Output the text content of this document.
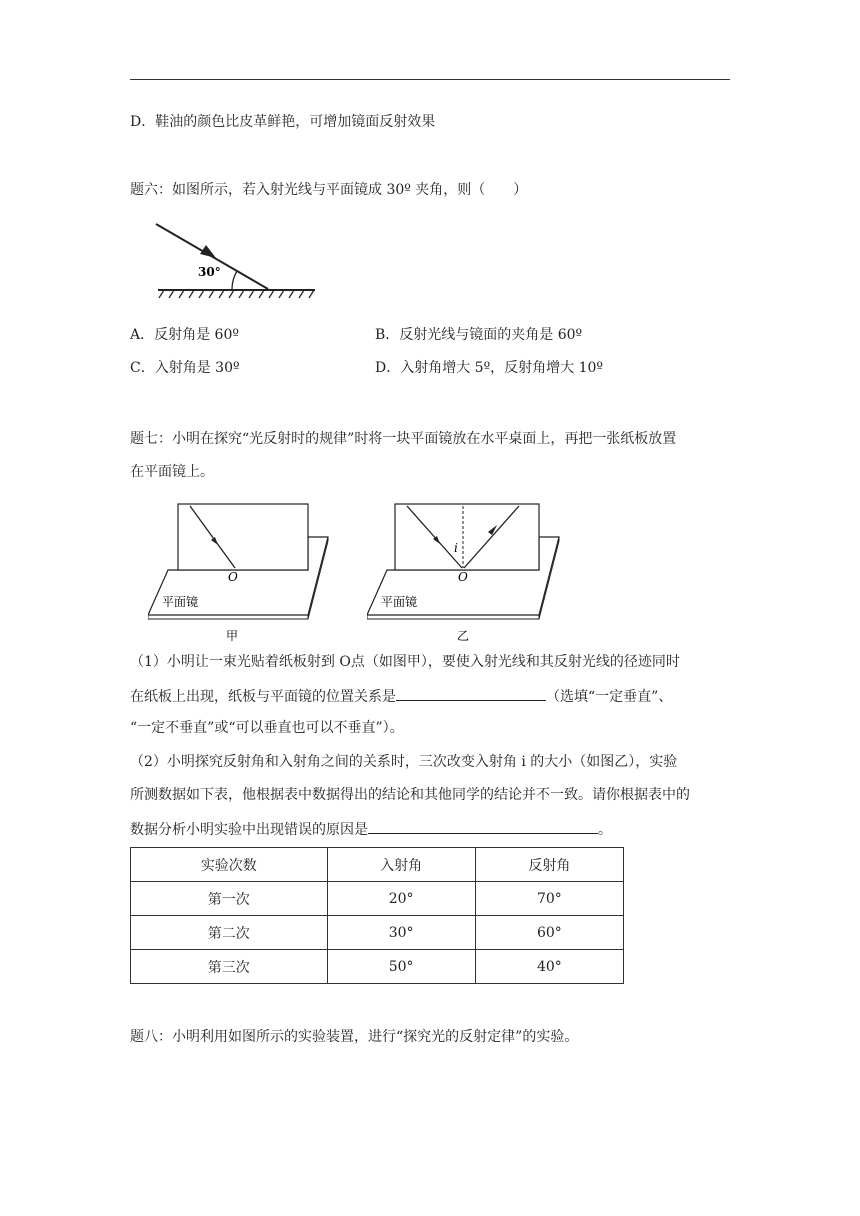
D．鞋油的颜色比皮革鲜艳，可增加镜面反射效果
题六：如图所示，若入射光线与平面镜成 30º 夹角，则（　　）
30°
A．反射角是 60º	B．反射光线与镜面的夹角是 60º
C．入射角是 30º	D．入射角增大 5º，反射角增大 10º
题七：小明在探究“光反射时的规律”时将一块平面镜放在水平桌面上，再把一张纸板放置
在平面镜上。
O
平面镜
甲
i
O
平面镜
乙
（1）小明让一束光贴着纸板射到 O点（如图甲），要使入射光线和其反射光线的径迹同时
在纸板上出现，纸板与平面镜的位置关系是	（选填“一定垂直”、
“一定不垂直”或“可以垂直也可以不垂直”）。
（2）小明探究反射角和入射角之间的关系时，三次改变入射角 i 的大小（如图乙），实验
所测数据如下表，他根据表中数据得出的结论和其他同学的结论并不一致。请你根据表中的
数据分析小明实验中出现错误的原因是	。
实验次数	入射角	反射角
第一次	20°	70°
第二次	30°	60°
第三次	50°	40°
题八：小明利用如图所示的实验装置，进行“探究光的反射定律”的实验。
